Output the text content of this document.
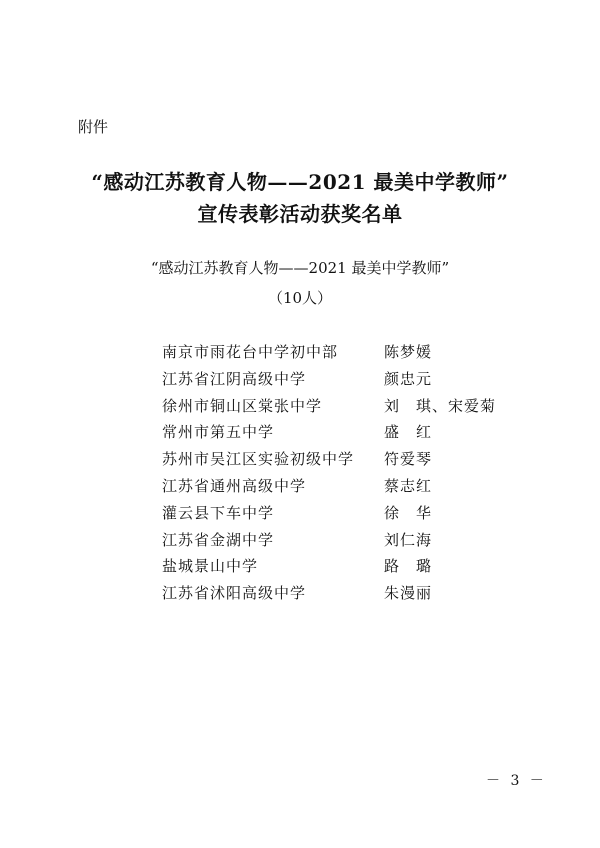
附件
“感动江苏教育人物——2021 最美中学教师”
宣传表彰活动获奖名单
“感动江苏教育人物——2021 最美中学教师”
（10人）
南京市雨花台中学初中部	陈梦媛
江苏省江阴高级中学	颜忠元
徐州市铜山区棠张中学	刘　琪、宋爱菊
常州市第五中学	盛　红
苏州市吴江区实验初级中学	符爱琴
江苏省通州高级中学	蔡志红
灌云县下车中学	徐　华
江苏省金湖中学	刘仁海
盐城景山中学	路　璐
江苏省沭阳高级中学	朱漫丽
－ 3 －
